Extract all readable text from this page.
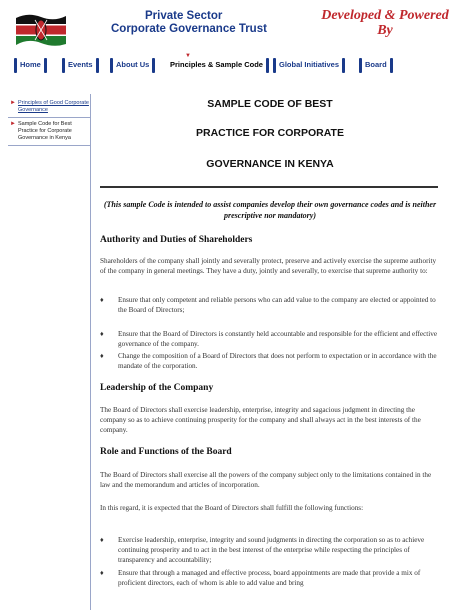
Private Sector
Corporate Governance Trust
Developed & Powered
By
Home	Events	About Us	Principles & Sample Code
▼
Global Initiatives	Board
► Principles of Good Corporate Governance
► Sample Code for Best Practice for Corporate Governance in Kenya
SAMPLE CODE OF BEST
PRACTICE FOR CORPORATE
GOVERNANCE IN KENYA
(This sample Code is intended to assist companies develop their own governance codes and is neither prescriptive nor mandatory)
Authority and Duties of Shareholders
Shareholders of the company shall jointly and severally protect, preserve and actively exercise the supreme authority of the company in general meetings. They have a duty, jointly and severally, to exercise that supreme authority to:
♦	Ensure that only competent and reliable persons who can add value to the company are elected or appointed to the Board of Directors;
♦	Ensure that the Board of Directors is constantly held accountable and responsible for the efficient and effective governance of the company.
♦	Change the composition of a Board of Directors that does not perform to expectation or in accordance with the mandate of the corporation.
Leadership of the Company
The Board of Directors shall exercise leadership, enterprise, integrity and sagacious judgment in directing the company so as to achieve continuing prosperity for the company and shall always act in the best interests of the company.
Role and Functions of the Board
The Board of Directors shall exercise all the powers of the company subject only to the limitations contained in the law and the memorandum and articles of incorporation.
In this regard, it is expected that the Board of Directors shall fulfill the following functions:
♦	Exercise leadership, enterprise, integrity and sound judgments in directing the corporation so as to achieve continuing prosperity and to act in the best interest of the enterprise while respecting the principles of transparency and accountability;
♦	Ensure that through a managed and effective process, board appointments are made that provide a mix of proficient directors, each of whom is able to add value and bring
